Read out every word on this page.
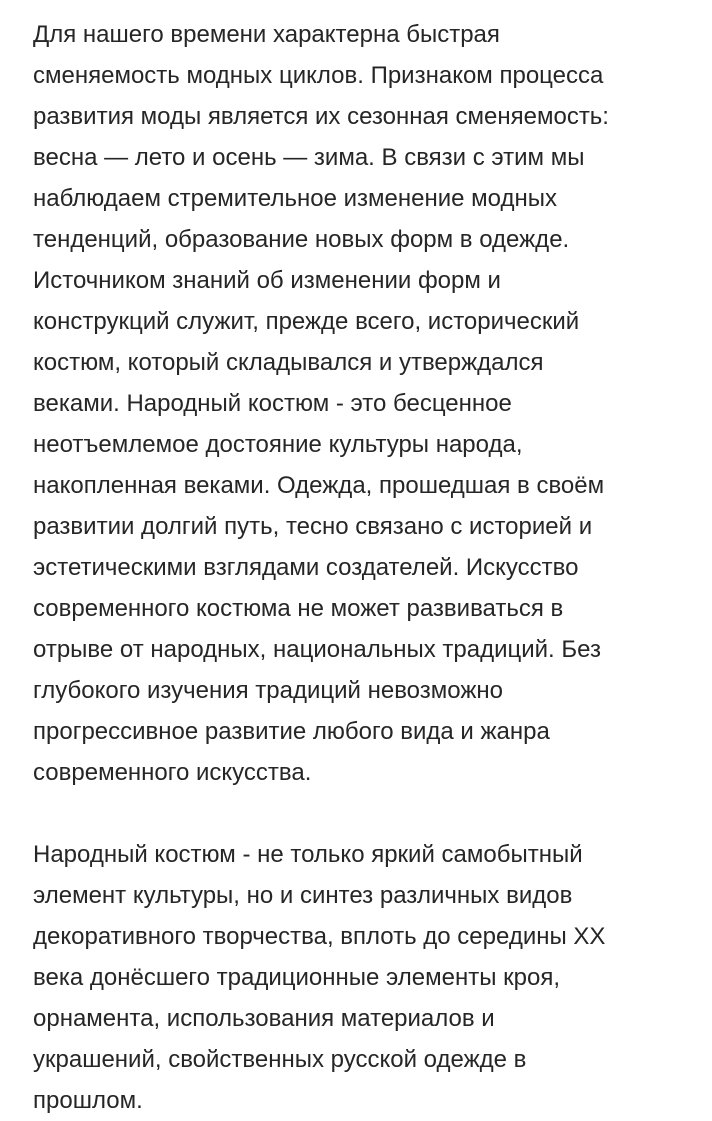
Для нашего времени характерна быстрая
сменяемость модных циклов. Признаком процесса
развития моды является их сезонная сменяемость:
весна — лето и осень — зима. В связи с этим мы
наблюдаем стремительное изменение модных
тенденций, образование новых форм в одежде.
Источником знаний об изменении форм и
конструкций служит, прежде всего, исторический
костюм, который складывался и утверждался
веками. Народный костюм - это бесценное
неотъемлемое достояние культуры народа,
накопленная веками. Одежда, прошедшая в своём
развитии долгий путь, тесно связано с историей и
эстетическими взглядами создателей. Искусство
современного костюма не может развиваться в
отрыве от народных, национальных традиций. Без
глубокого изучения традиций невозможно
прогрессивное развитие любого вида и жанра
современного искусства.
Народный костюм - не только яркий самобытный
элемент культуры, но и синтез различных видов
декоративного творчества, вплоть до середины XX
века донёсшего традиционные элементы кроя,
орнамента, использования материалов и
украшений, свойственных русской одежде в
прошлом.
